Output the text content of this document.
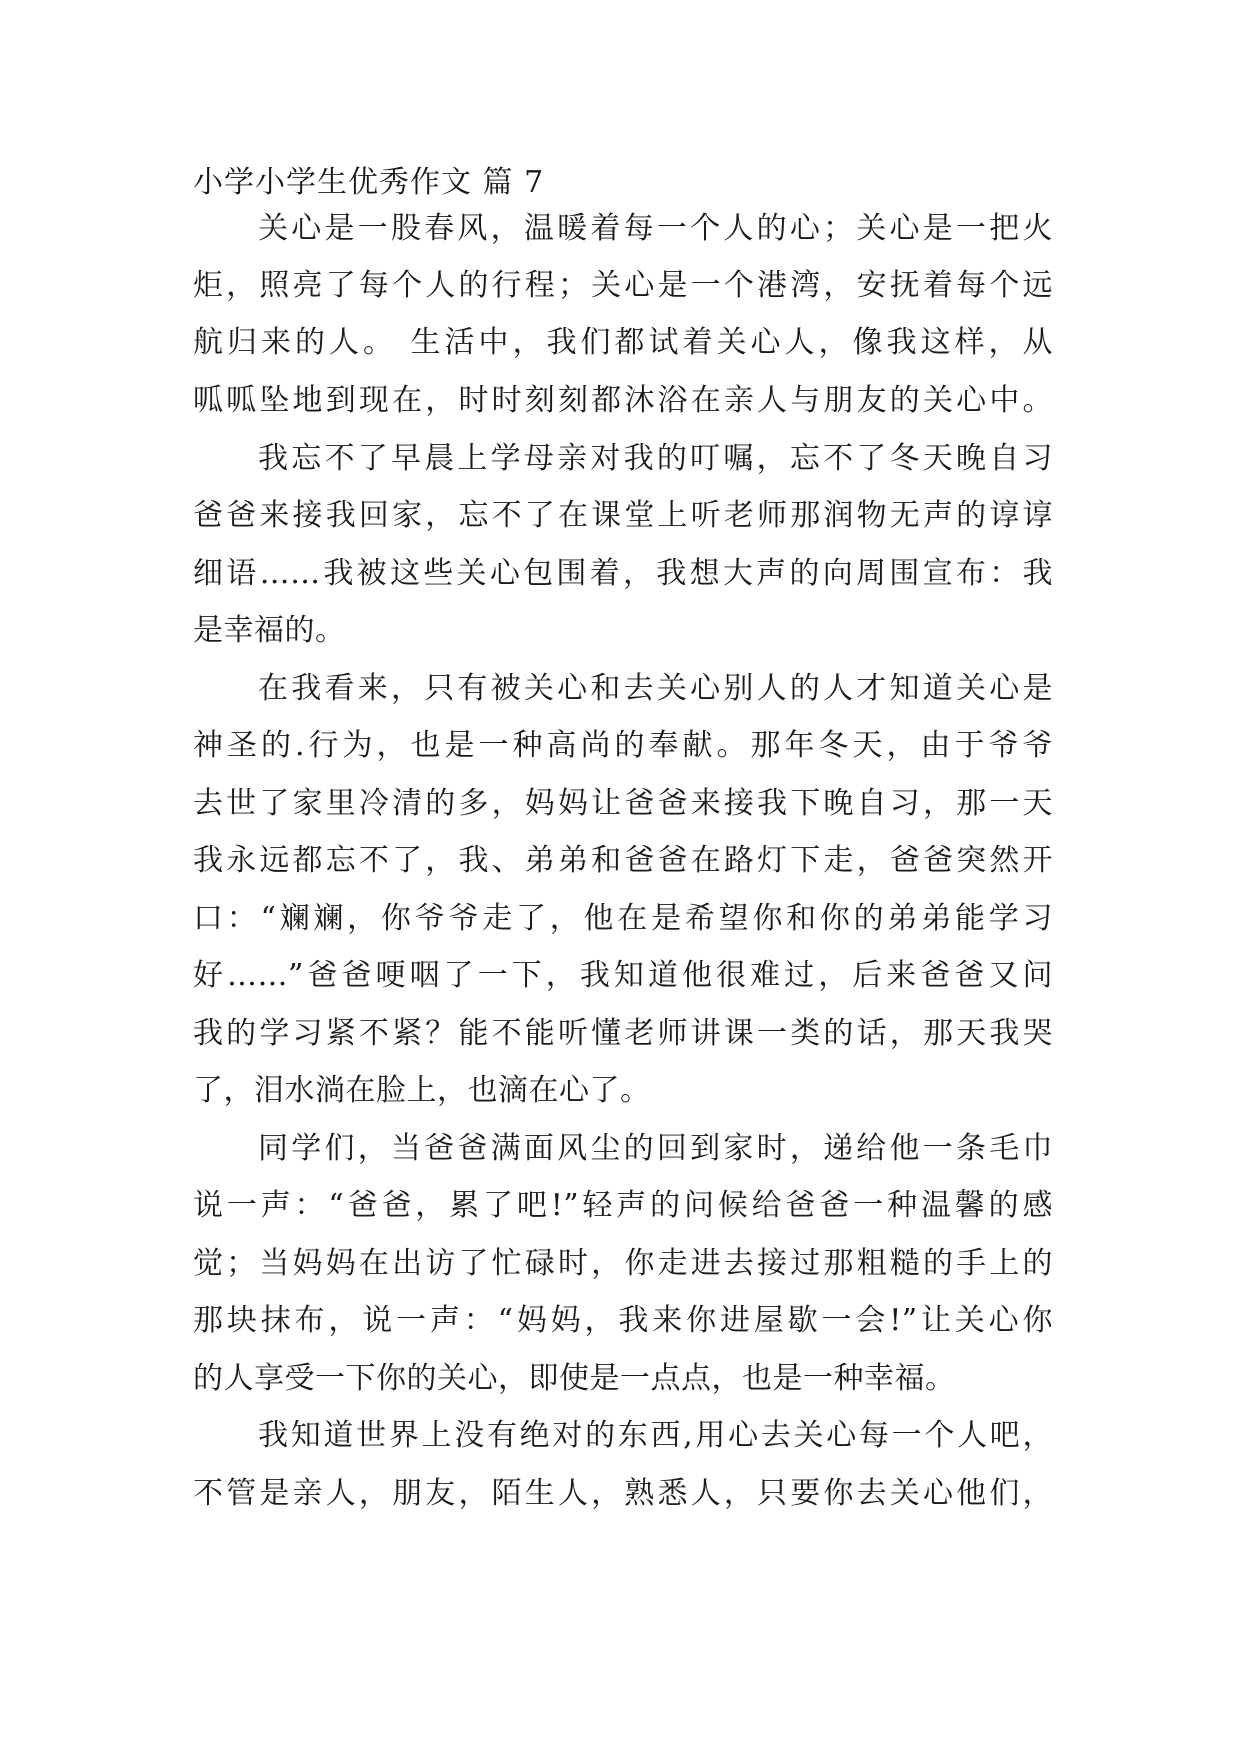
小学小学生优秀作文 篇 7
关心是一股春风，温暖着每一个人的心；关心是一把火
炬，照亮了每个人的行程；关心是一个港湾，安抚着每个远
航归来的人。 生活中，我们都试着关心人，像我这样，从
呱呱坠地到现在，时时刻刻都沐浴在亲人与朋友的关心中。
我忘不了早晨上学母亲对我的叮嘱，忘不了冬天晚自习
爸爸来接我回家，忘不了在课堂上听老师那润物无声的谆谆
细语……我被这些关心包围着，我想大声的向周围宣布：我
是幸福的。
在我看来，只有被关心和去关心别人的人才知道关心是
神圣的.行为，也是一种高尚的奉献。那年冬天，由于爷爷
去世了家里冷清的多，妈妈让爸爸来接我下晚自习，那一天
我永远都忘不了，我、弟弟和爸爸在路灯下走，爸爸突然开
口：“斓斓，你爷爷走了，他在是希望你和你的弟弟能学习
好……”爸爸哽咽了一下，我知道他很难过，后来爸爸又问
我的学习紧不紧？能不能听懂老师讲课一类的话，那天我哭
了，泪水淌在脸上，也滴在心了。
同学们，当爸爸满面风尘的回到家时，递给他一条毛巾
说一声：“爸爸，累了吧!”轻声的问候给爸爸一种温馨的感
觉；当妈妈在出访了忙碌时，你走进去接过那粗糙的手上的
那块抹布，说一声：“妈妈，我来你进屋歇一会!”让关心你
的人享受一下你的关心，即使是一点点，也是一种幸福。
我知道世界上没有绝对的东西,用心去关心每一个人吧，
不管是亲人，朋友，陌生人，熟悉人，只要你去关心他们，
